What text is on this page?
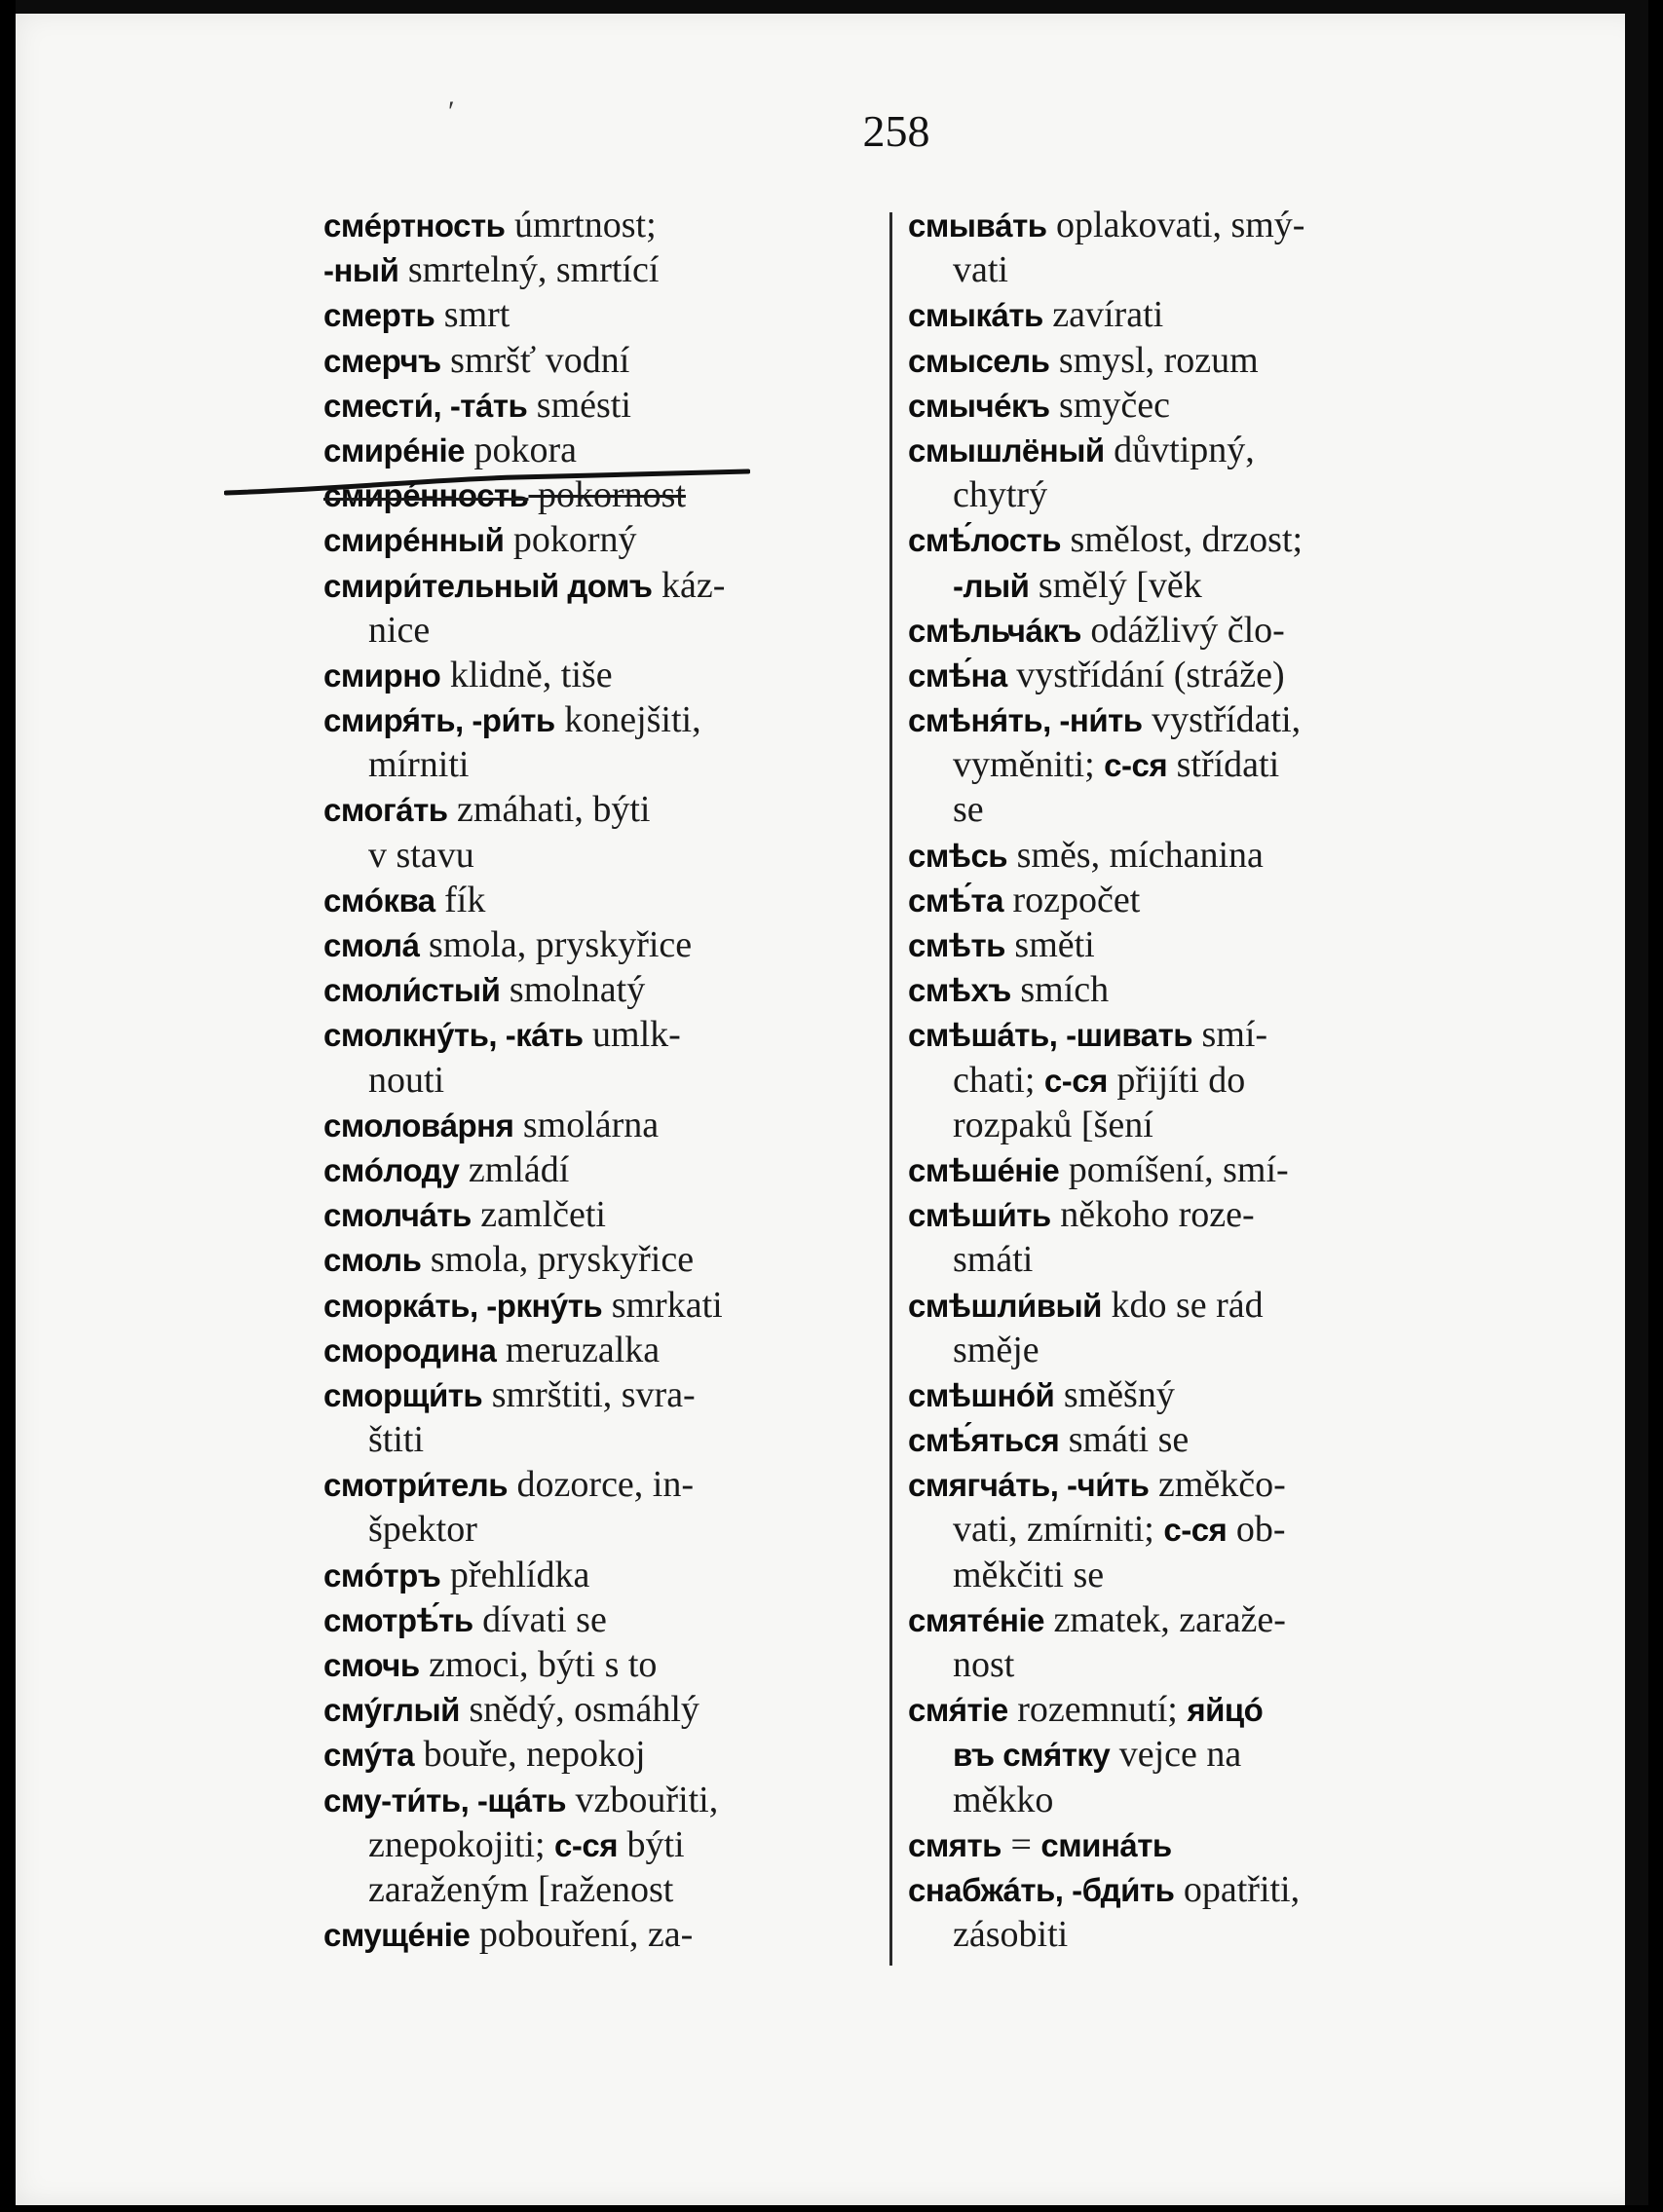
′	258
смéртность úmrtnost;
-ный smrtelný, smrtící
смерть smrt
смерчъ smršť vodní
смести́, -тáть smésti
смирéніе pokora
смирéнность pokornost
смирéнный pokorný
смири́тельный домъ káz-
nice
смирно klidně, tiše
смиря́ть, -ри́ть konejšiti,
mírniti
смогáть zmáhati, býti
v stavu
смóква fík
смолá smola, pryskyřice
смоли́стый smolnatý
смолкнýть, -кáть umlk-
nouti
смоловáрня smolárna
смóлоду zmládí
смолчáть zamlčeti
смоль smola, pryskyřice
сморкáть, -ркнýть smrkati
смородина meruzalka
сморщи́ть smrštiti, svra-
štiti
смотри́тель dozorce, in-
špektor
смóтръ přehlídka
смотрѣ́ть dívati se
смочь zmoci, býti s to
смýглый snědý, osmáhlý
смýта bouře, nepokoj
сму-ти́ть, -щáть vzbouřiti,
znepokojiti; с-ся býti
zaraženým [raženost
смущéніе pobouření, za-
смывáть oplakovati, smý-
vati
смыкáть zavírati
смысель smysl, rozum
смычéкъ smyčec
смышлёный důvtipný,
chytrý
смѣ́лость smělost, drzost;
-лый smělý [věk
смѣльчáкъ odážlivý člo-
смѣ́на vystřídání (stráže)
смѣня́ть, -ни́ть vystřídati,
vyměniti; с-ся střídati
se
смѣсь směs, míchanina
смѣ́та rozpočet
смѣть směti
смѣхъ smích
смѣшáть, -шивать smí-
chati; с-ся přijíti do
rozpaků [šení
смѣшéніе pomíšení, smí-
смѣши́ть někoho roze-
smáti
смѣшли́вый kdo se rád
směje
смѣшнóй směšný
смѣ́яться smáti se
смягчáть, -чи́ть změkčo-
vati, zmírniti; с-ся ob-
měkčiti se
смятéніе zmatek, zaraže-
nost
смя́тіе rozemnutí; яйцó
въ смя́тку vejce na
měkko
смять = сминáть
снабжáть, -бди́ть opatřiti,
zásobiti
